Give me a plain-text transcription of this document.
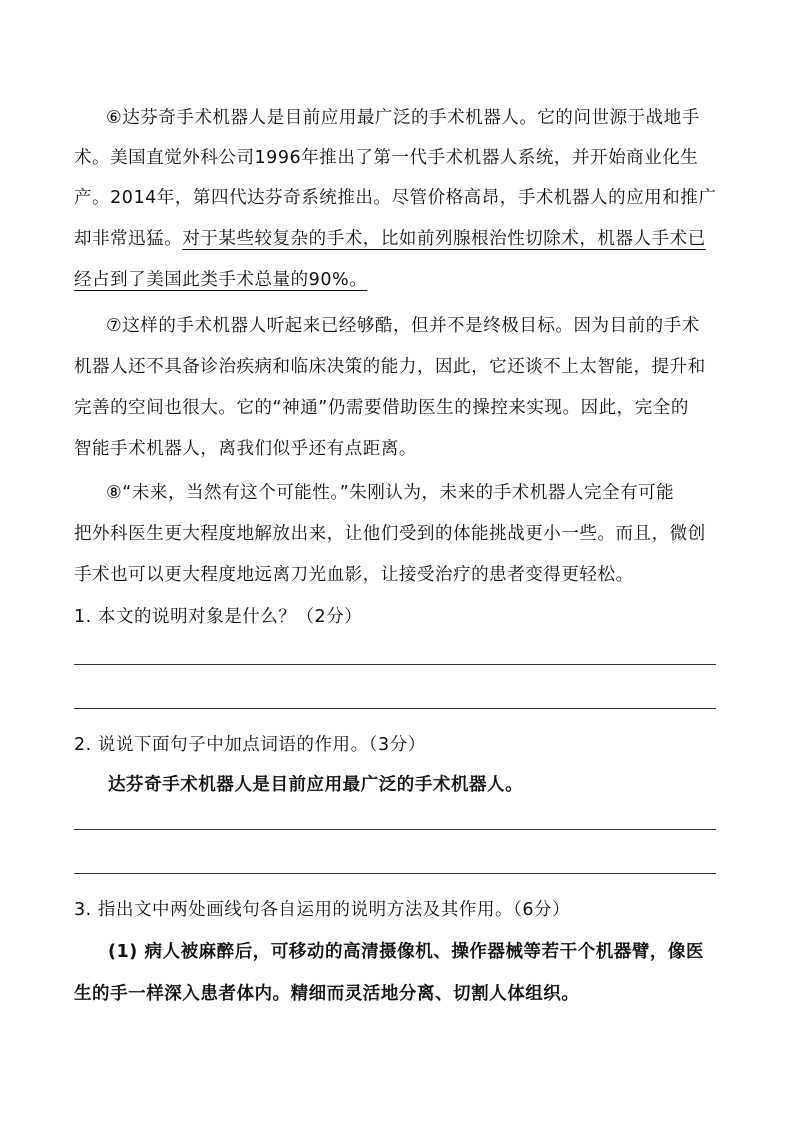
⑥达芬奇手术机器人是目前应用最广泛的手术机器人。它的问世源于战地手
术。美国直觉外科公司1996年推出了第一代手术机器人系统，并开始商业化生
产。2014年，第四代达芬奇系统推出。尽管价格高昂，手术机器人的应用和推广
却非常迅猛。对于某些较复杂的手术，比如前列腺根治性切除术，机器人手术已
经占到了美国此类手术总量的90%。
⑦这样的手术机器人听起来已经够酷，但并不是终极目标。因为目前的手术
机器人还不具备诊治疾病和临床决策的能力，因此，它还谈不上太智能，提升和
完善的空间也很大。它的“神通”仍需要借助医生的操控来实现。因此，完全的
智能手术机器人，离我们似乎还有点距离。
⑧“未来，当然有这个可能性。”朱刚认为，未来的手术机器人完全有可能
把外科医生更大程度地解放出来，让他们受到的体能挑战更小一些。而且，微创
手术也可以更大程度地远离刀光血影，让接受治疗的患者变得更轻松。
1. 本文的说明对象是什么？（2分）
2. 说说下面句子中加点词语的作用。（3分）
达芬奇手术机器人是目前应用最广泛的手术机器人。
3. 指出文中两处画线句各自运用的说明方法及其作用。（6分）
(1) 病人被麻醉后，可移动的高清摄像机、操作器械等若干个机器臂，像医
生的手一样深入患者体内。精细而灵活地分离、切割人体组织。
